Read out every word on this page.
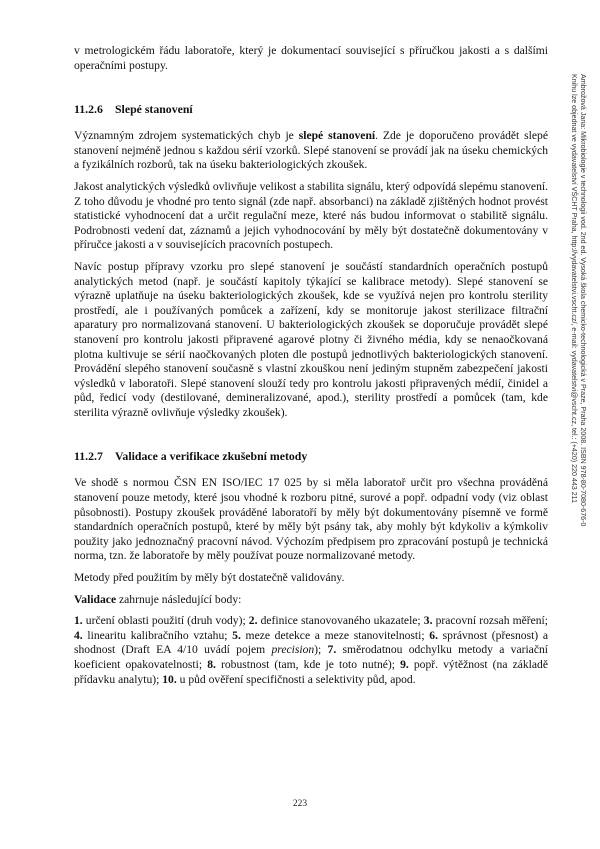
v metrologickém řádu laboratoře, který je dokumentací související s příručkou jakosti a s dalšími operačními postupy.

11.2.6 Slepé stanovení

Významným zdrojem systematických chyb je slepé stanovení. Zde je doporučeno provádět slepé stanovení nejméně jednou s každou sérií vzorků. Slepé stanovení se provádí jak na úseku chemických a fyzikálních rozborů, tak na úseku bakteriologických zkoušek.

Jakost analytických výsledků ovlivňuje velikost a stabilita signálu, který odpovídá slepému stanovení. Z toho důvodu je vhodné pro tento signál (zde např. absorbanci) na základě zjištěných hodnot provést statistické vyhodnocení dat a určit regulační meze, které nás budou informovat o stabilitě signálu. Podrobnosti vedení dat, záznamů a jejich vyhodnocování by měly být dostatečně dokumentovány v příručce jakosti a v souvisejících pracovních postupech.

Navíc postup přípravy vzorku pro slepé stanovení je součástí standardních operačních postupů analytických metod (např. je součástí kapitoly týkající se kalibrace metody). Slepé stanovení se výrazně uplatňuje na úseku bakteriologických zkoušek, kde se využívá nejen pro kontrolu sterility prostředí, ale i používaných pomůcek a zařízení, kdy se monitoruje jakost sterilizace filtrační aparatury pro normalizovaná stanovení. U bakteriologických zkoušek se doporučuje provádět slepé stanovení pro kontrolu jakosti připravené agarové plotny či živného média, kdy se nenaočkovaná plotna kultivuje se sérií naočkovaných ploten dle postupů jednotlivých bakteriologických stanovení. Provádění slepého stanovení současně s vlastní zkouškou není jediným stupněm zabezpečení jakosti výsledků v laboratoři. Slepé stanovení slouží tedy pro kontrolu jakosti připravených médií, činidel a půd, ředicí vody (destilované, demineralizované, apod.), sterility prostředí a pomůcek (tam, kde sterilita výrazně ovlivňuje výsledky zkoušek).

11.2.7 Validace a verifikace zkušební metody

Ve shodě s normou ČSN EN ISO/IEC 17 025 by si měla laboratoř určit pro všechna prováděná stanovení pouze metody, které jsou vhodné k rozboru pitné, surové a popř. odpadní vody (viz oblast působnosti). Postupy zkoušek prováděné laboratoří by měly být dokumentovány písemně ve formě standardních operačních postupů, které by měly být psány tak, aby mohly být kdykoliv a kýmkoliv použity jako jednoznačný pracovní návod. Výchozím předpisem pro zpracování postupů je technická norma, tzn. že laboratoře by měly používat pouze normalizované metody.

Metody před použitím by měly být dostatečně validovány.

Validace zahrnuje následující body:

1. určení oblasti použití (druh vody); 2. definice stanovovaného ukazatele; 3. pracovní rozsah měření; 4. linearitu kalibračního vztahu; 5. meze detekce a meze stanovitelnosti; 6. správnost (přesnost) a shodnost (Draft EA 4/10 uvádí pojem precision); 7. směrodatnou odchylku metody a variační koeficient opakovatelnosti; 8. robustnost (tam, kde je toto nutné); 9. popř. výtěžnost (na základě přídavku analytu); 10. u půd ověření specifičnosti a selektivity půd, apod.

Ambrožová Jana: Mikrobiologie v technologii vod. 2nd ed. Vysoká škola chemicko-technologická v Praze, Praha 2008. ISBN 978-80-7080-676-0
Knihu lze objednat ve vydavatelství VŠCHT Praha, http://vydavatelstvi.vscht.cz/, e-mail: vydavatelstvi@vscht.cz, tel.: (+420) 220 443 211
223
